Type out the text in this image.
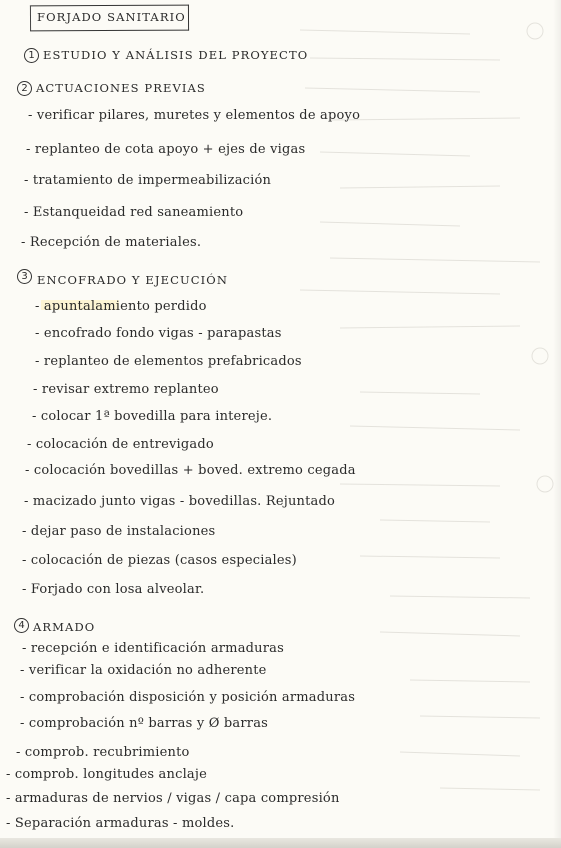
FORJADO SANITARIO
1 ESTUDIO Y ANÁLISIS DEL PROYECTO
2 ACTUACIONES PREVIAS
- verificar pilares, muretes y elementos de apoyo
- replanteo de cota apoyo + ejes de vigas
- tratamiento de impermeabilización
- Estanqueidad red saneamiento
- Recepción de materiales.
3 ENCOFRADO Y EJECUCIÓN
- apuntalamiento perdido
- encofrado fondo vigas - parapastas
- replanteo de elementos prefabricados
- revisar extremo replanteo
- colocar 1ª bovedilla para intereje.
- colocación de entrevigado
- colocación bovedillas + boved. extremo cegada
- macizado junto vigas - bovedillas. Rejuntado
- dejar paso de instalaciones
- colocación de piezas (casos especiales)
- Forjado con losa alveolar.
4 ARMADO
- recepción e identificación armaduras
- verificar la oxidación no adherente
- comprobación disposición y posición armaduras
- comprobación nº barras y Ø barras
- comprob. recubrimiento
- comprob. longitudes anclaje
- armaduras de nervios / vigas / capa compresión
- Separación armaduras - moldes.
